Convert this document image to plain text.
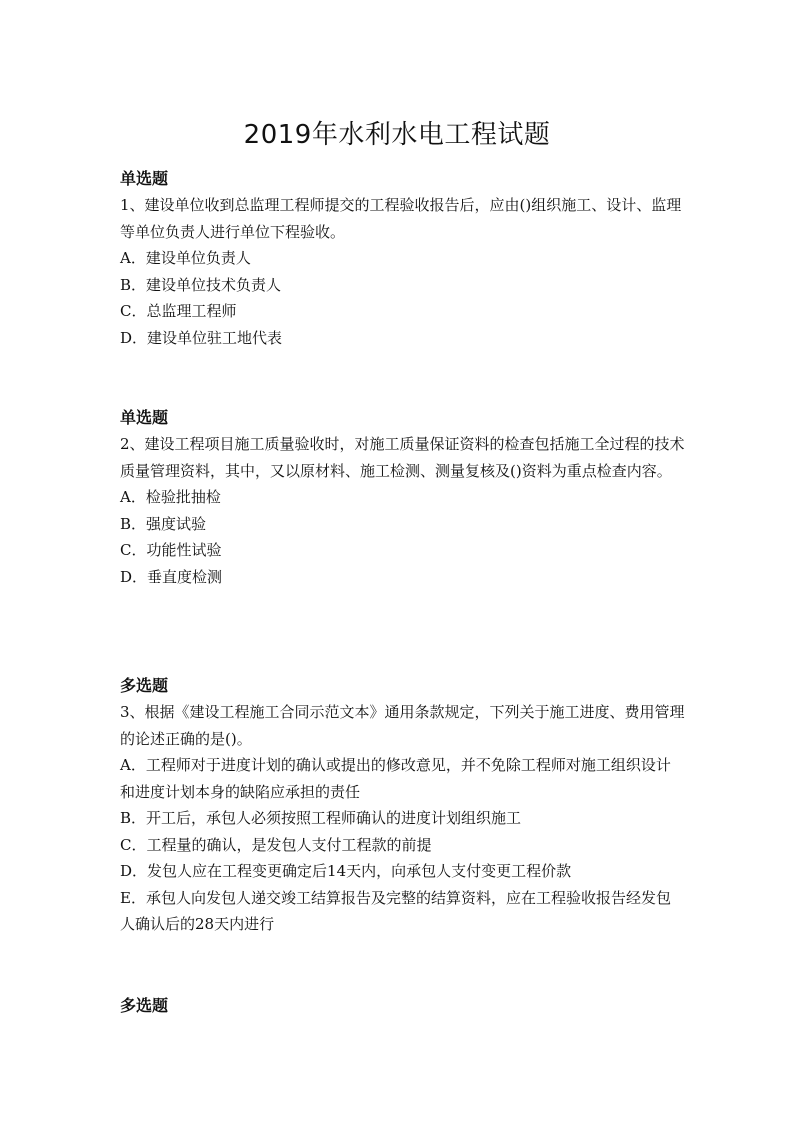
2019年水利水电工程试题
单选题

1、建设单位收到总监理工程师提交的工程验收报告后，应由()组织施工、设计、监理等单位负责人进行单位下程验收。

A．建设单位负责人
B．建设单位技术负责人
C．总监理工程师
D．建设单位驻工地代表
单选题

2、建设工程项目施工质量验收时，对施工质量保证资料的检查包括施工全过程的技术质量管理资料，其中，又以原材料、施工检测、测量复核及()资料为重点检查内容。

A．检验批抽检
B．强度试验
C．功能性试验
D．垂直度检测
多选题

3、根据《建设工程施工合同示范文本》通用条款规定，下列关于施工进度、费用管理的论述正确的是()。

A．工程师对于进度计划的确认或提出的修改意见，并不免除工程师对施工组织设计和进度计划本身的缺陷应承担的责任
B．开工后，承包人必须按照工程师确认的进度计划组织施工
C．工程量的确认，是发包人支付工程款的前提
D．发包人应在工程变更确定后14天内，向承包人支付变更工程价款
E．承包人向发包人递交竣工结算报告及完整的结算资料，应在工程验收报告经发包人确认后的28天内进行
多选题
